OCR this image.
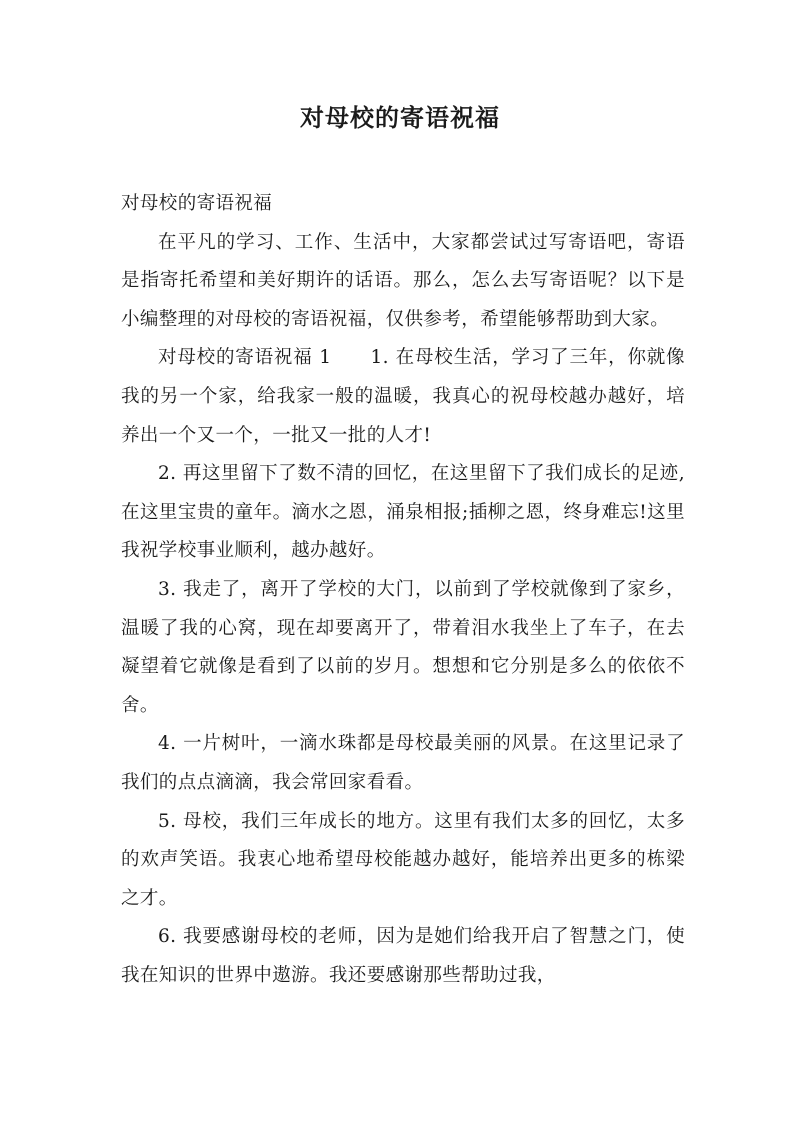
对母校的寄语祝福

对母校的寄语祝福

在平凡的学习、工作、生活中，大家都尝试过写寄语吧，寄语是指寄托希望和美好期许的话语。那么，怎么去写寄语呢？以下是小编整理的对母校的寄语祝福，仅供参考，希望能够帮助到大家。

对母校的寄语祝福 1　　1. 在母校生活，学习了三年，你就像我的另一个家，给我家一般的温暖，我真心的祝母校越办越好，培养出一个又一个，一批又一批的人才!

2. 再这里留下了数不清的回忆，在这里留下了我们成长的足迹,在这里宝贵的童年。滴水之恩，涌泉相报;插柳之恩，终身难忘!这里我祝学校事业顺利，越办越好。

3. 我走了，离开了学校的大门，以前到了学校就像到了家乡，温暖了我的心窝，现在却要离开了，带着泪水我坐上了车子，在去凝望着它就像是看到了以前的岁月。想想和它分别是多么的依依不舍。

4. 一片树叶，一滴水珠都是母校最美丽的风景。在这里记录了我们的点点滴滴，我会常回家看看。

5. 母校，我们三年成长的地方。这里有我们太多的回忆，太多的欢声笑语。我衷心地希望母校能越办越好，能培养出更多的栋梁之才。

6. 我要感谢母校的老师，因为是她们给我开启了智慧之门，使我在知识的世界中遨游。我还要感谢那些帮助过我，
